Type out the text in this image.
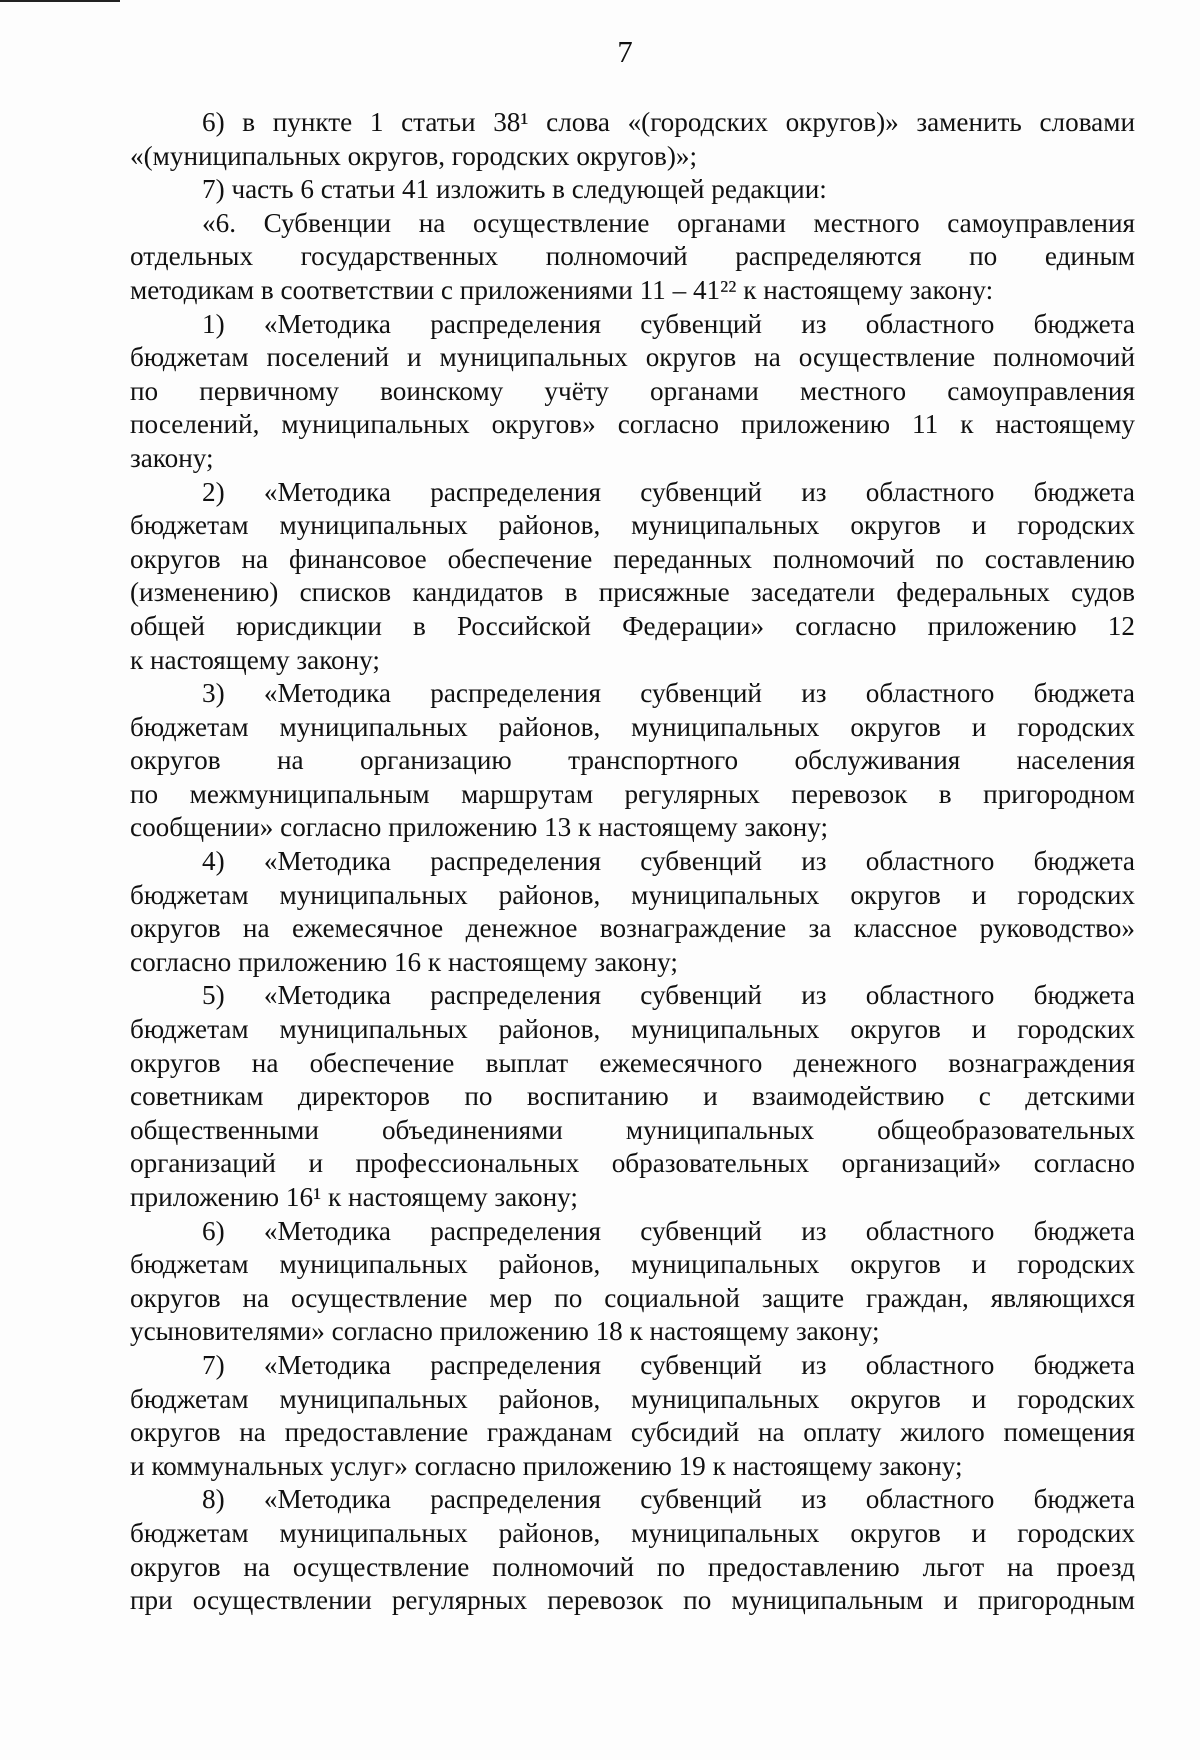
7
6) в пункте 1 статьи 38¹ слова «(городских округов)» заменить словами
«(муниципальных округов, городских округов)»;
7) часть 6 статьи 41 изложить в следующей редакции:
«6. Субвенции на осуществление органами местного самоуправления
отдельных государственных полномочий распределяются по единым
методикам в соответствии с приложениями 11 – 41²² к настоящему закону:
1) «Методика распределения субвенций из областного бюджета
бюджетам поселений и муниципальных округов на осуществление полномочий
по первичному воинскому учёту органами местного самоуправления
поселений, муниципальных округов» согласно приложению 11 к настоящему
закону;
2) «Методика распределения субвенций из областного бюджета
бюджетам муниципальных районов, муниципальных округов и городских
округов на финансовое обеспечение переданных полномочий по составлению
(изменению) списков кандидатов в присяжные заседатели федеральных судов
общей юрисдикции в Российской Федерации» согласно приложению 12
к настоящему закону;
3) «Методика распределения субвенций из областного бюджета
бюджетам муниципальных районов, муниципальных округов и городских
округов на организацию транспортного обслуживания населения
по межмуниципальным маршрутам регулярных перевозок в пригородном
сообщении» согласно приложению 13 к настоящему закону;
4) «Методика распределения субвенций из областного бюджета
бюджетам муниципальных районов, муниципальных округов и городских
округов на ежемесячное денежное вознаграждение за классное руководство»
согласно приложению 16 к настоящему закону;
5) «Методика распределения субвенций из областного бюджета
бюджетам муниципальных районов, муниципальных округов и городских
округов на обеспечение выплат ежемесячного денежного вознаграждения
советникам директоров по воспитанию и взаимодействию с детскими
общественными объединениями муниципальных общеобразовательных
организаций и профессиональных образовательных организаций» согласно
приложению 16¹ к настоящему закону;
6) «Методика распределения субвенций из областного бюджета
бюджетам муниципальных районов, муниципальных округов и городских
округов на осуществление мер по социальной защите граждан, являющихся
усыновителями» согласно приложению 18 к настоящему закону;
7) «Методика распределения субвенций из областного бюджета
бюджетам муниципальных районов, муниципальных округов и городских
округов на предоставление гражданам субсидий на оплату жилого помещения
и коммунальных услуг» согласно приложению 19 к настоящему закону;
8) «Методика распределения субвенций из областного бюджета
бюджетам муниципальных районов, муниципальных округов и городских
округов на осуществление полномочий по предоставлению льгот на проезд
при осуществлении регулярных перевозок по муниципальным и пригородным
